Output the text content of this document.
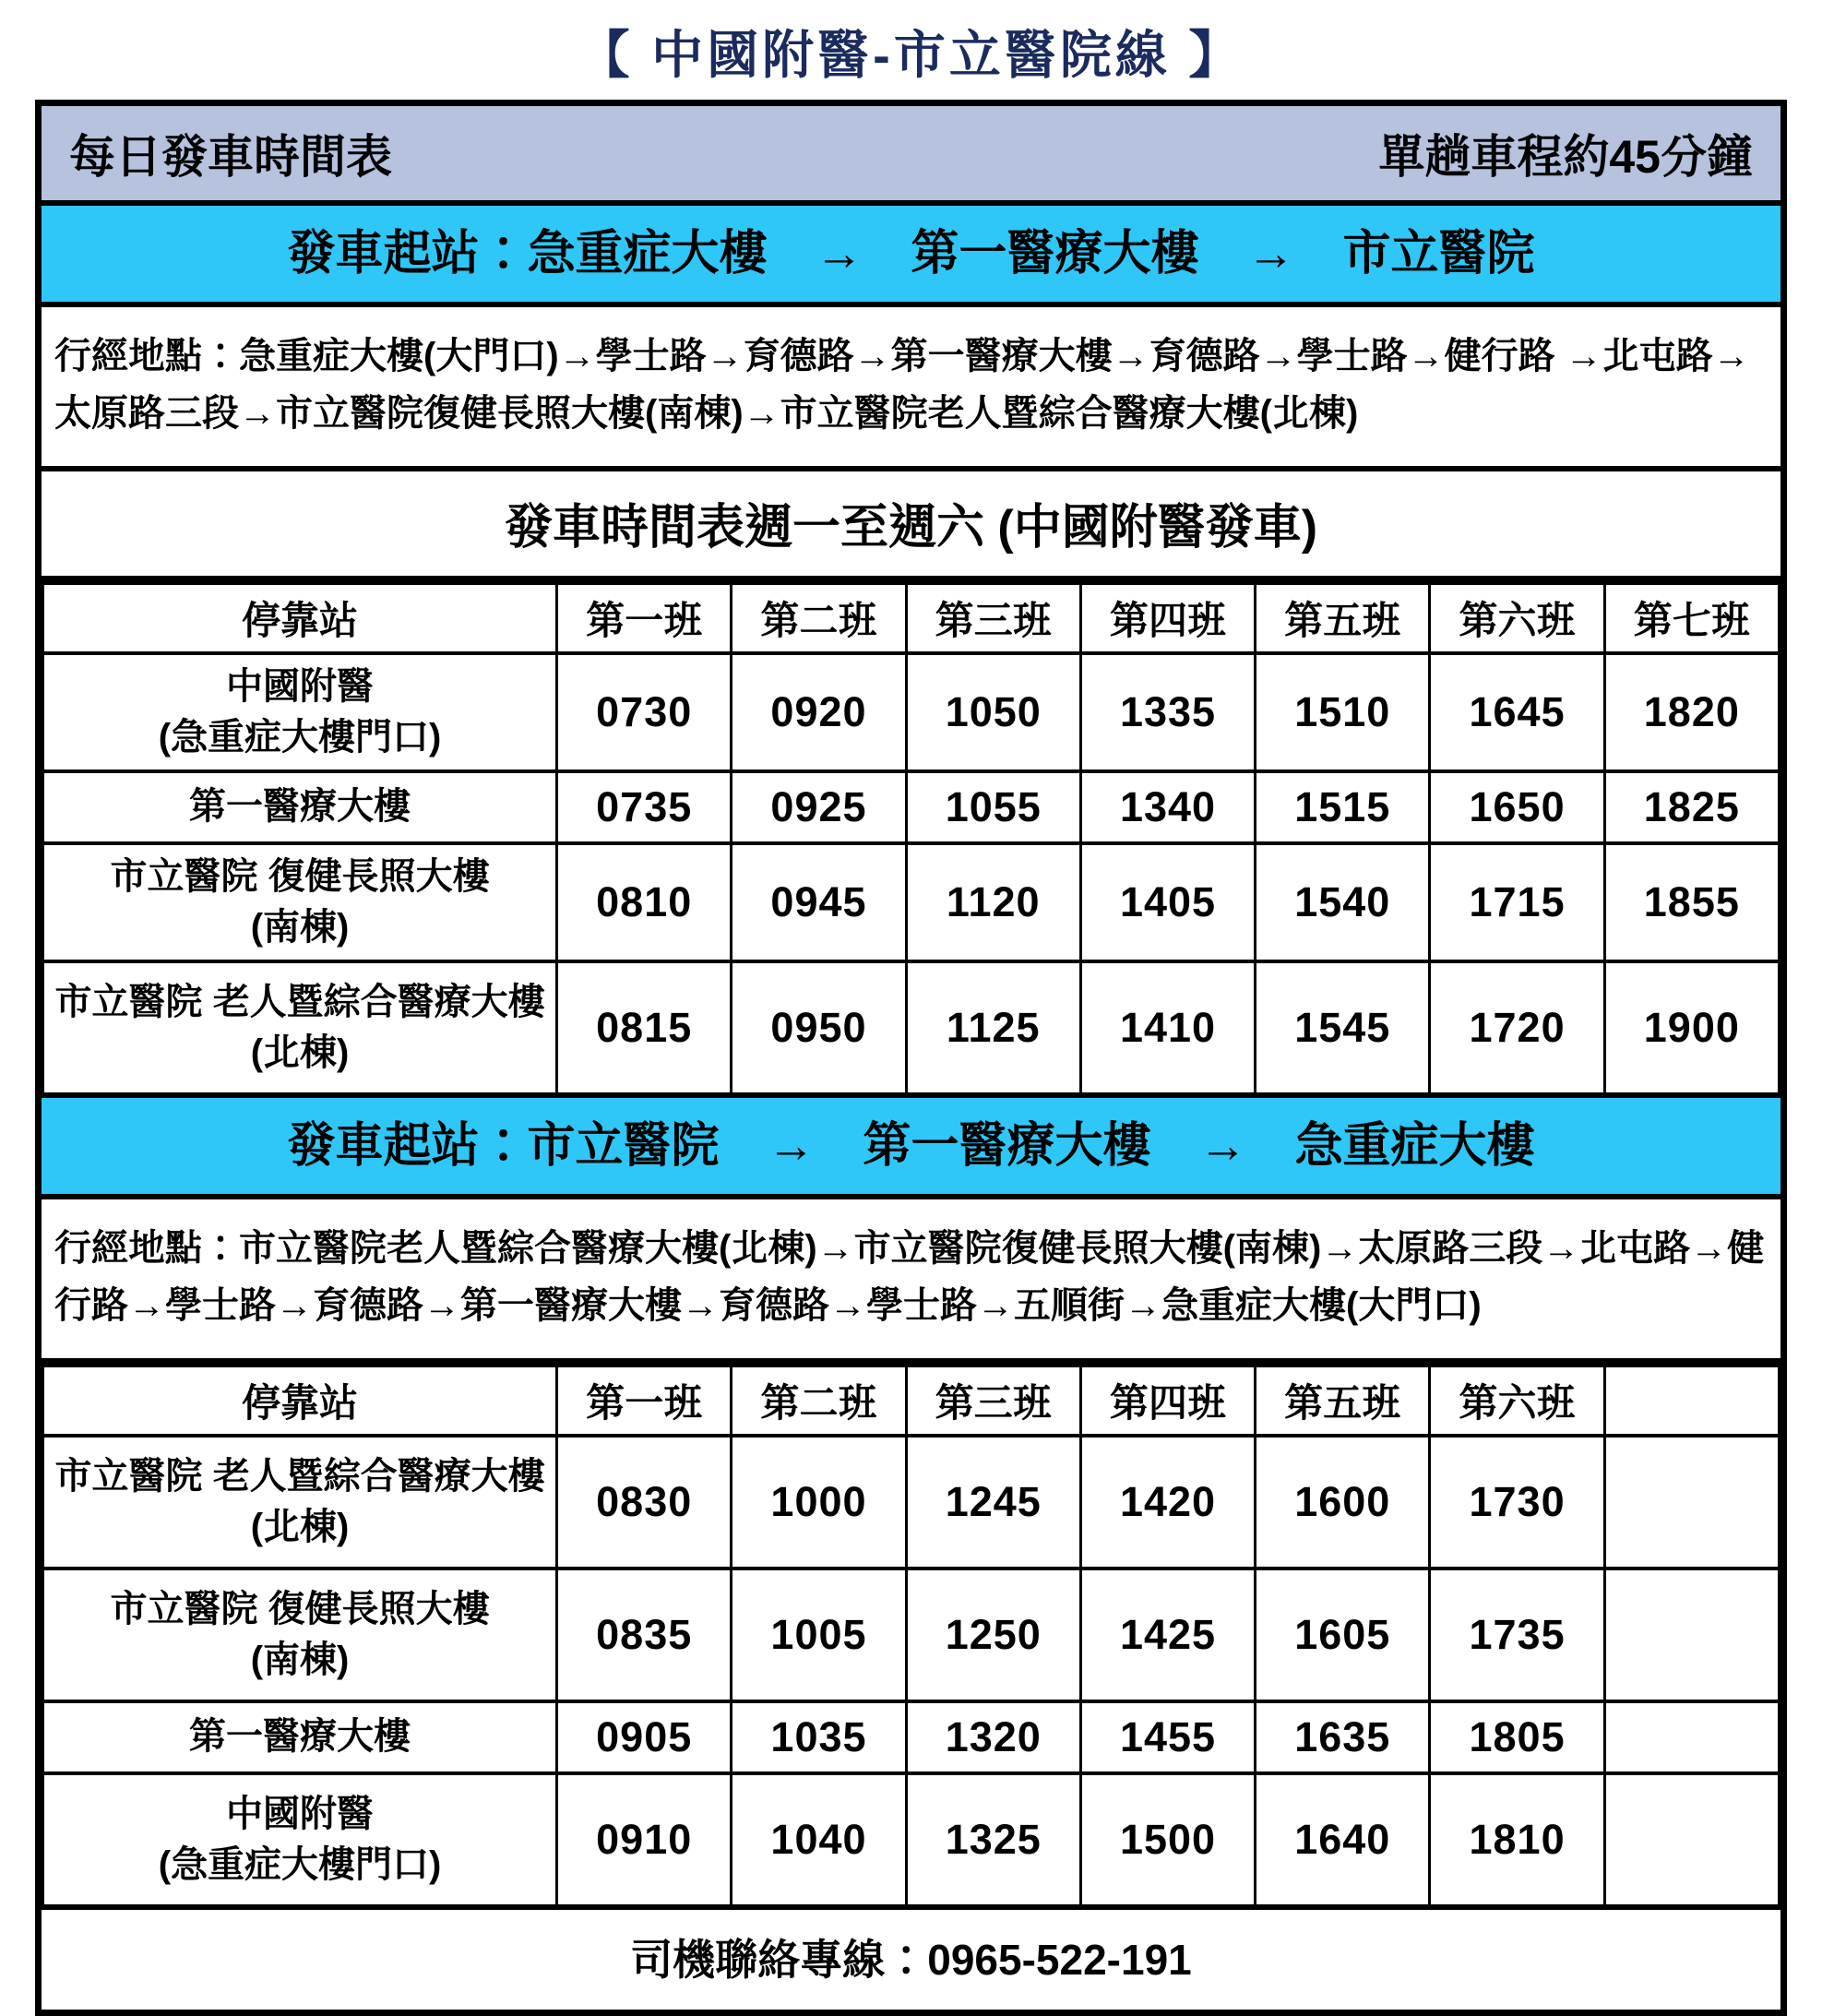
【 中國附醫-市立醫院線 】
每日發車時間表	單趟車程約45分鐘
發車起站：急重症大樓　→　第一醫療大樓　→　市立醫院
行經地點：急重症大樓(大門口)→學士路→育德路→第一醫療大樓→育德路→學士路→健行路 →北屯路→太原路三段→市立醫院復健長照大樓(南棟)→市立醫院老人暨綜合醫療大樓(北棟)
發車時間表週一至週六 (中國附醫發車)
停靠站	第一班	第二班	第三班	第四班	第五班	第六班	第七班

中國附醫
(急重症大樓門口)	0730	0920	1050	1335	1510	1645	1820

第一醫療大樓	0735	0925	1055	1340	1515	1650	1825

市立醫院 復健長照大樓
(南棟)	0810	0945	1120	1405	1540	1715	1855

市立醫院 老人暨綜合醫療大樓
(北棟)	0815	0950	1125	1410	1545	1720	1900
發車起站：市立醫院　→　第一醫療大樓　→　急重症大樓
行經地點：市立醫院老人暨綜合醫療大樓(北棟)→市立醫院復健長照大樓(南棟)→太原路三段→北屯路→健行路→學士路→育德路→第一醫療大樓→育德路→學士路→五順街→急重症大樓(大門口)
停靠站	第一班	第二班	第三班	第四班	第五班	第六班	

市立醫院 老人暨綜合醫療大樓
(北棟)	0830	1000	1245	1420	1600	1730	

市立醫院 復健長照大樓
(南棟)	0835	1005	1250	1425	1605	1735	

第一醫療大樓	0905	1035	1320	1455	1635	1805	

中國附醫
(急重症大樓門口)	0910	1040	1325	1500	1640	1810	
司機聯絡專線：0965-522-191
